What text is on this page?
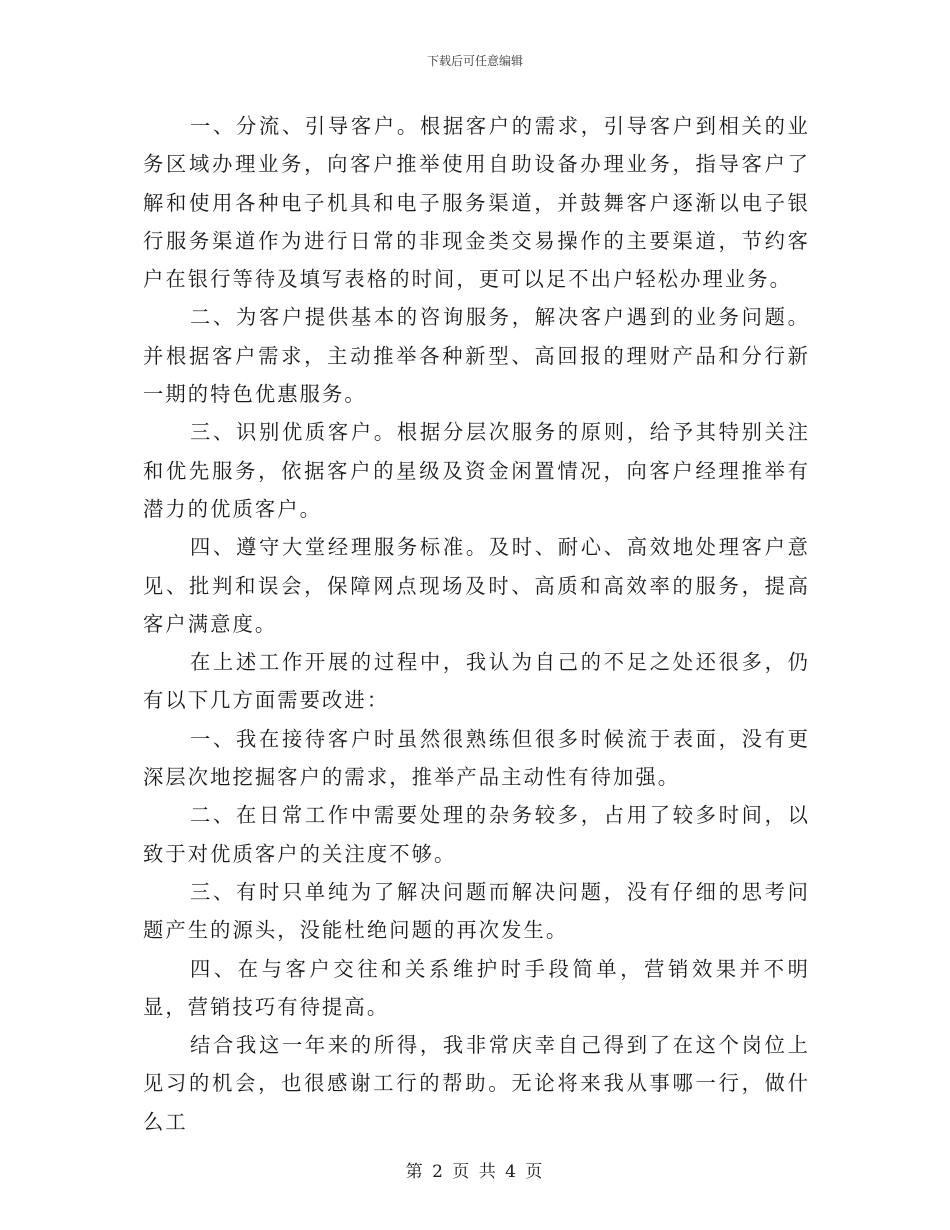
下载后可任意编辑

一、分流、引导客户。根据客户的需求，引导客户到相关的业务区域办理业务，向客户推举使用自助设备办理业务，指导客户了解和使用各种电子机具和电子服务渠道，并鼓舞客户逐渐以电子银行服务渠道作为进行日常的非现金类交易操作的主要渠道，节约客户在银行等待及填写表格的时间，更可以足不出户轻松办理业务。

二、为客户提供基本的咨询服务，解决客户遇到的业务问题。并根据客户需求，主动推举各种新型、高回报的理财产品和分行新一期的特色优惠服务。

三、识别优质客户。根据分层次服务的原则，给予其特别关注和优先服务，依据客户的星级及资金闲置情况，向客户经理推举有潜力的优质客户。

四、遵守大堂经理服务标准。及时、耐心、高效地处理客户意见、批判和误会，保障网点现场及时、高质和高效率的服务，提高客户满意度。

在上述工作开展的过程中，我认为自己的不足之处还很多，仍有以下几方面需要改进：

一、我在接待客户时虽然很熟练但很多时候流于表面，没有更深层次地挖掘客户的需求，推举产品主动性有待加强。

二、在日常工作中需要处理的杂务较多，占用了较多时间，以致于对优质客户的关注度不够。

三、有时只单纯为了解决问题而解决问题，没有仔细的思考问题产生的源头，没能杜绝问题的再次发生。

四、在与客户交往和关系维护时手段简单，营销效果并不明显，营销技巧有待提高。

结合我这一年来的所得，我非常庆幸自己得到了在这个岗位上见习的机会，也很感谢工行的帮助。无论将来我从事哪一行，做什么工

第 2 页 共 4 页
